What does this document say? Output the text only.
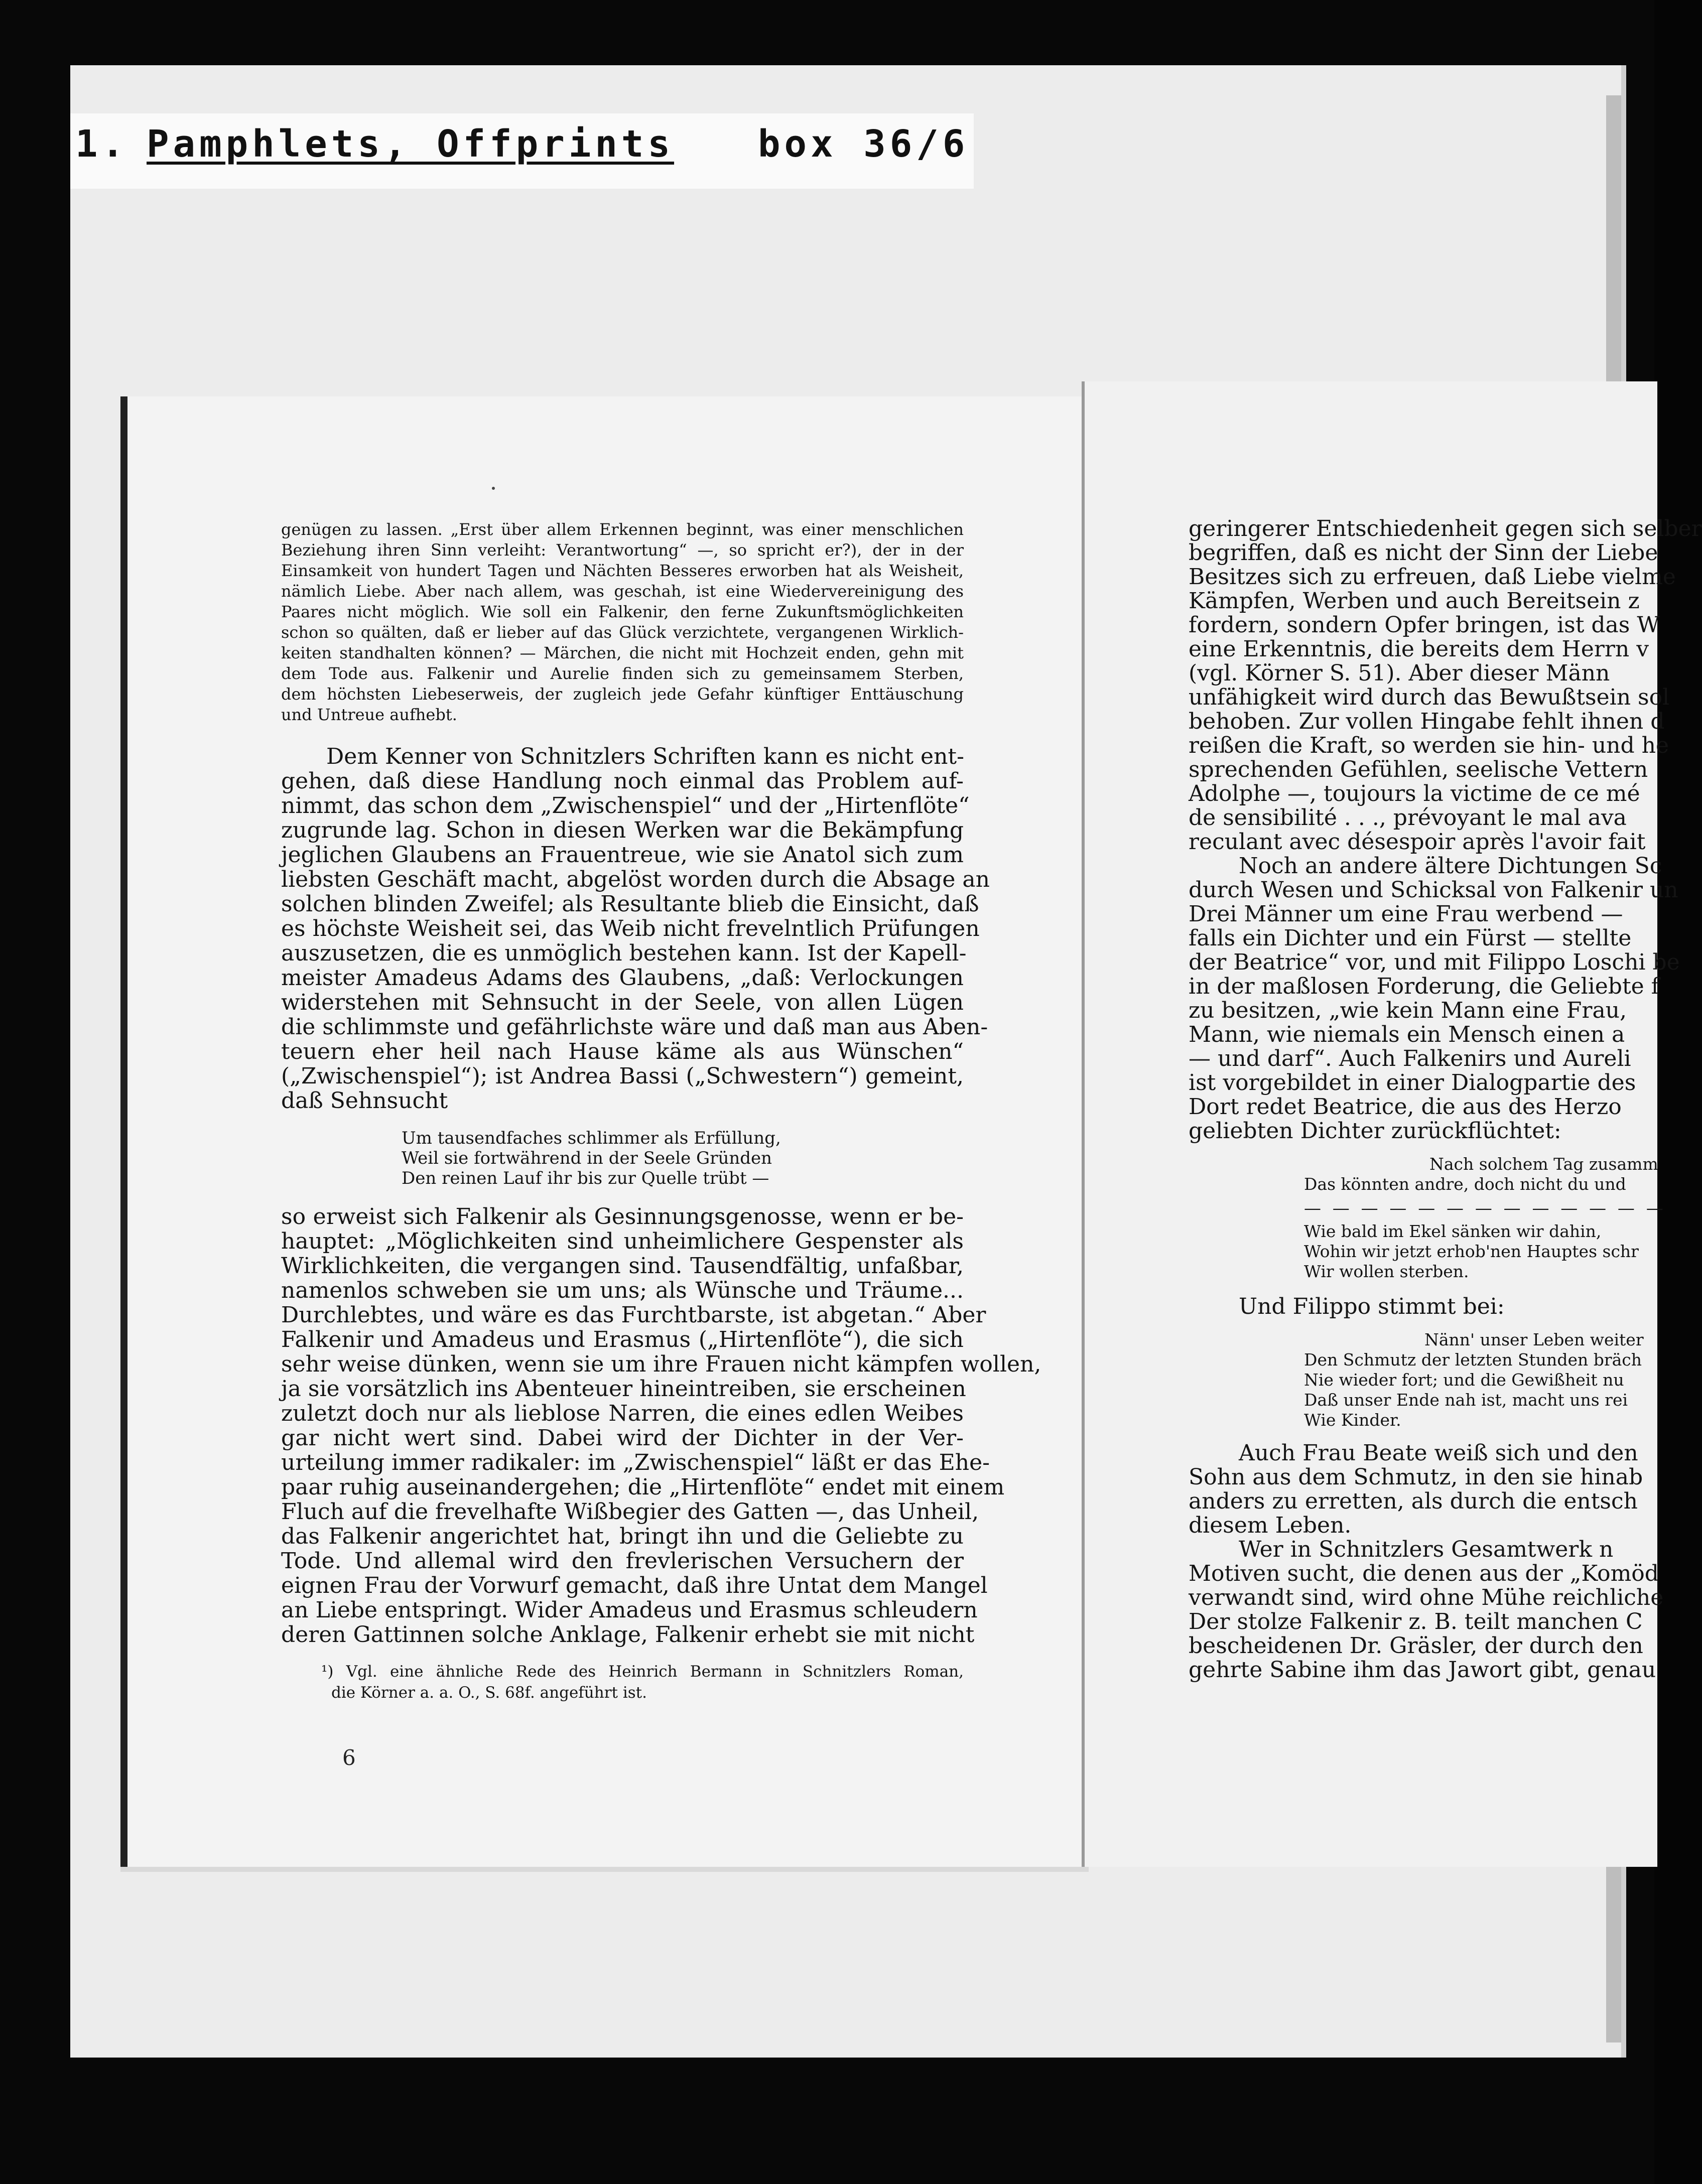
1. Pamphlets, Offprints box 36/6
genügen zu lassen. „Erst über allem Erkennen beginnt, was einer menschlichen
Beziehung ihren Sinn verleiht: Verantwortung“ —, so spricht er?), der in der
Einsamkeit von hundert Tagen und Nächten Besseres erworben hat als Weisheit,
nämlich Liebe. Aber nach allem, was geschah, ist eine Wiedervereinigung des
Paares nicht möglich. Wie soll ein Falkenir, den ferne Zukunftsmöglichkeiten
schon so quälten, daß er lieber auf das Glück verzichtete, vergangenen Wirklich-
keiten standhalten können? — Märchen, die nicht mit Hochzeit enden, gehn mit
dem Tode aus. Falkenir und Aurelie finden sich zu gemeinsamem Sterben,
dem höchsten Liebeserweis, der zugleich jede Gefahr künftiger Enttäuschung
und Untreue aufhebt.
Dem Kenner von Schnitzlers Schriften kann es nicht ent-
gehen, daß diese Handlung noch einmal das Problem auf-
nimmt, das schon dem „Zwischenspiel“ und der „Hirtenflöte“
zugrunde lag. Schon in diesen Werken war die Bekämpfung
jeglichen Glaubens an Frauentreue, wie sie Anatol sich zum
liebsten Geschäft macht, abgelöst worden durch die Absage an
solchen blinden Zweifel; als Resultante blieb die Einsicht, daß
es höchste Weisheit sei, das Weib nicht frevelntlich Prüfungen
auszusetzen, die es unmöglich bestehen kann. Ist der Kapell-
meister Amadeus Adams des Glaubens, „daß: Verlockungen
widerstehen mit Sehnsucht in der Seele, von allen Lügen
die schlimmste und gefährlichste wäre und daß man aus Aben-
teuern eher heil nach Hause käme als aus Wünschen“
(„Zwischenspiel“); ist Andrea Bassi („Schwestern“) gemeint,
daß Sehnsucht
Um tausendfaches schlimmer als Erfüllung,
Weil sie fortwährend in der Seele Gründen
Den reinen Lauf ihr bis zur Quelle trübt —
so erweist sich Falkenir als Gesinnungsgenosse, wenn er be-
hauptet: „Möglichkeiten sind unheimlichere Gespenster als
Wirklichkeiten, die vergangen sind. Tausendfältig, unfaßbar,
namenlos schweben sie um uns; als Wünsche und Träume...
Durchlebtes, und wäre es das Furchtbarste, ist abgetan.“ Aber
Falkenir und Amadeus und Erasmus („Hirtenflöte“), die sich
sehr weise dünken, wenn sie um ihre Frauen nicht kämpfen wollen,
ja sie vorsätzlich ins Abenteuer hineintreiben, sie erscheinen
zuletzt doch nur als lieblose Narren, die eines edlen Weibes
gar nicht wert sind. Dabei wird der Dichter in der Ver-
urteilung immer radikaler: im „Zwischenspiel“ läßt er das Ehe-
paar ruhig auseinandergehen; die „Hirtenflöte“ endet mit einem
Fluch auf die frevelhafte Wißbegier des Gatten —, das Unheil,
das Falkenir angerichtet hat, bringt ihn und die Geliebte zu
Tode. Und allemal wird den frevlerischen Versuchern der
eignen Frau der Vorwurf gemacht, daß ihre Untat dem Mangel
an Liebe entspringt. Wider Amadeus und Erasmus schleudern
deren Gattinnen solche Anklage, Falkenir erhebt sie mit nicht
¹) Vgl. eine ähnliche Rede des Heinrich Bermann in Schnitzlers Roman,
die Körner a. a. O., S. 68f. angeführt ist.
6
geringerer Entschiedenheit gegen sich selber
begriffen, daß es nicht der Sinn der Liebe
Besitzes sich zu erfreuen, daß Liebe vielme
Kämpfen, Werben und auch Bereitsein z
fordern, sondern Opfer bringen, ist das W
eine Erkenntnis, die bereits dem Herrn v
(vgl. Körner S. 51). Aber dieser Männ
unfähigkeit wird durch das Bewußtsein sol
behoben. Zur vollen Hingabe fehlt ihnen d
reißen die Kraft, so werden sie hin- und he
sprechenden Gefühlen, seelische Vettern
Adolphe —, toujours la victime de ce mé
de sensibilité . . ., prévoyant le mal ava
reculant avec désespoir après l'avoir fait
Noch an andere ältere Dichtungen Sc
durch Wesen und Schicksal von Falkenir un
Drei Männer um eine Frau werbend —
falls ein Dichter und ein Fürst — stellte
der Beatrice“ vor, und mit Filippo Loschi be
in der maßlosen Forderung, die Geliebte f
zu besitzen, „wie kein Mann eine Frau,
Mann, wie niemals ein Mensch einen a
— und darf“. Auch Falkenirs und Aureli
ist vorgebildet in einer Dialogpartie des
Dort redet Beatrice, die aus des Herzo
geliebten Dichter zurückflüchtet:
Nach solchem Tag zusamm
Das könnten andre, doch nicht du und
— — — — — — — — — — — — —
Wie bald im Ekel sänken wir dahin,
Wohin wir jetzt erhob'nen Hauptes schr
Wir wollen sterben.
Und Filippo stimmt bei:
Nänn' unser Leben weiter
Den Schmutz der letzten Stunden bräch
Nie wieder fort; und die Gewißheit nu
Daß unser Ende nah ist, macht uns rei
Wie Kinder.
Auch Frau Beate weiß sich und den
Sohn aus dem Schmutz, in den sie hinab
anders zu erretten, als durch die entsch
diesem Leben.
Wer in Schnitzlers Gesamtwerk n
Motiven sucht, die denen aus der „Komöd
verwandt sind, wird ohne Mühe reichliche
Der stolze Falkenir z. B. teilt manchen C
bescheidenen Dr. Gräsler, der durch den
gehrte Sabine ihm das Jawort gibt, genau
